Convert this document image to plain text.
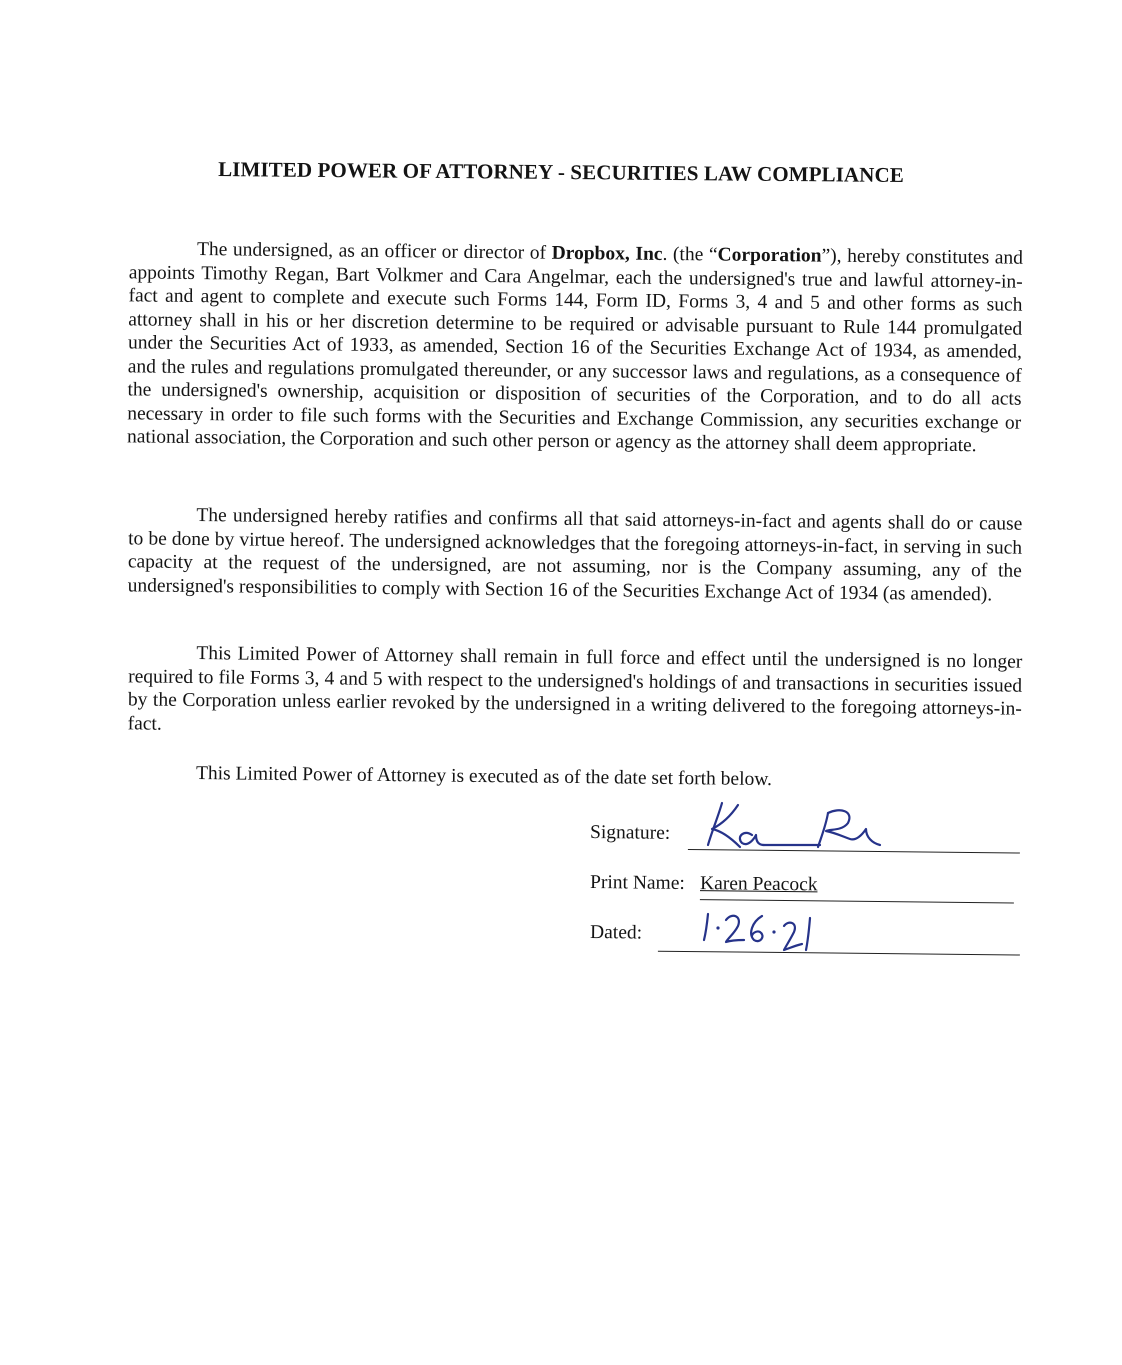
LIMITED POWER OF ATTORNEY - SECURITIES LAW COMPLIANCE

The undersigned, as an officer or director of Dropbox, Inc. (the “Corporation”), hereby constitutes and appoints Timothy Regan, Bart Volkmer and Cara Angelmar, each the undersigned's true and lawful attorney-in-fact and agent to complete and execute such Forms 144, Form ID, Forms 3, 4 and 5 and other forms as such attorney shall in his or her discretion determine to be required or advisable pursuant to Rule 144 promulgated under the Securities Act of 1933, as amended, Section 16 of the Securities Exchange Act of 1934, as amended, and the rules and regulations promulgated thereunder, or any successor laws and regulations, as a consequence of the undersigned's ownership, acquisition or disposition of securities of the Corporation, and to do all acts necessary in order to file such forms with the Securities and Exchange Commission, any securities exchange or national association, the Corporation and such other person or agency as the attorney shall deem appropriate.

The undersigned hereby ratifies and confirms all that said attorneys-in-fact and agents shall do or cause to be done by virtue hereof. The undersigned acknowledges that the foregoing attorneys-in-fact, in serving in such capacity at the request of the undersigned, are not assuming, nor is the Company assuming, any of the undersigned's responsibilities to comply with Section 16 of the Securities Exchange Act of 1934 (as amended).

This Limited Power of Attorney shall remain in full force and effect until the undersigned is no longer required to file Forms 3, 4 and 5 with respect to the undersigned's holdings of and transactions in securities issued by the Corporation unless earlier revoked by the undersigned in a writing delivered to the foregoing attorneys-in-fact.

This Limited Power of Attorney is executed as of the date set forth below.

Signature:
Print Name: Karen Peacock
Dated:
